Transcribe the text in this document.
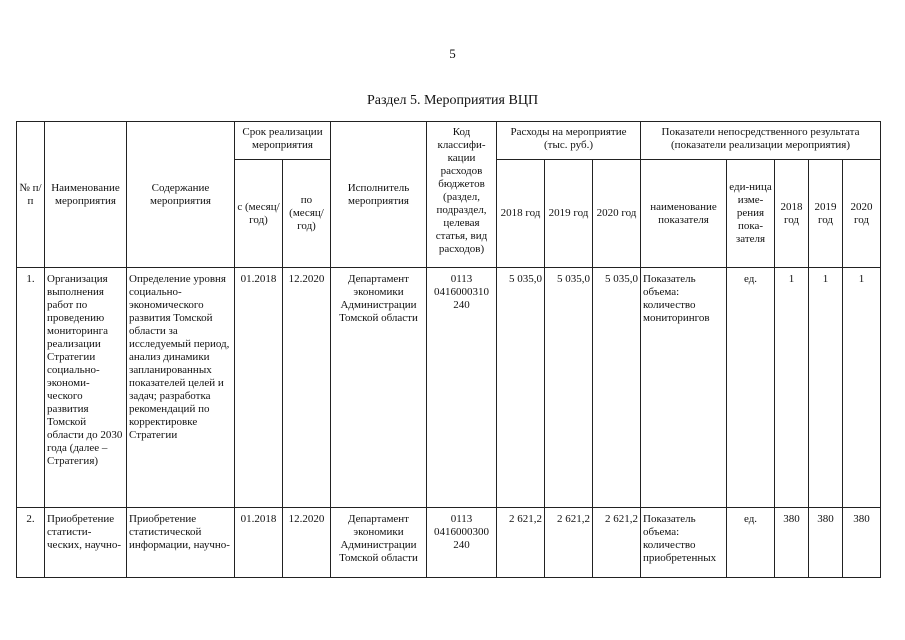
5
Раздел 5. Мероприятия ВЦП
№ п/п	Наименование мероприятия	Содержание мероприятия	Срок реализации мероприятия		Исполнитель мероприятия	Код классифи-кации расходов бюджетов (раздел, подраздел, целевая статья, вид расходов)	Расходы на мероприятие (тыс. руб.)			Показатели непосредственного результата (показатели реализации мероприятия)				
			с (месяц/ год)	по (месяц/ год)			2018 год	2019 год	2020 год	наименование показателя	еди-ница изме-рения пока-зателя	2018 год	2019 год	2020 год
1.	Организация выполнения работ по проведению мониторинга реализации Стратегии социально-экономи-ческого развития Томской области до 2030 года (далее – Стратегия)	Определение уровня социально-экономического развития Томской области за исследуемый период, анализ динамики запланированных показателей целей и задач; разработка рекомендаций по корректировке Стратегии	01.2018	12.2020	Департамент экономики Администрации Томской области	0113 0416000310 240	5 035,0	5 035,0	5 035,0	Показатель объема: количество мониторингов	ед.	1	1	1
2.	Приобретение статисти-ческих, научно-	Приобретение статистической информации, научно-	01.2018	12.2020	Департамент экономики Администрации Томской области	0113 0416000300 240	2 621,2	2 621,2	2 621,2	Показатель объема: количество приобретенных	ед.	380	380	380
